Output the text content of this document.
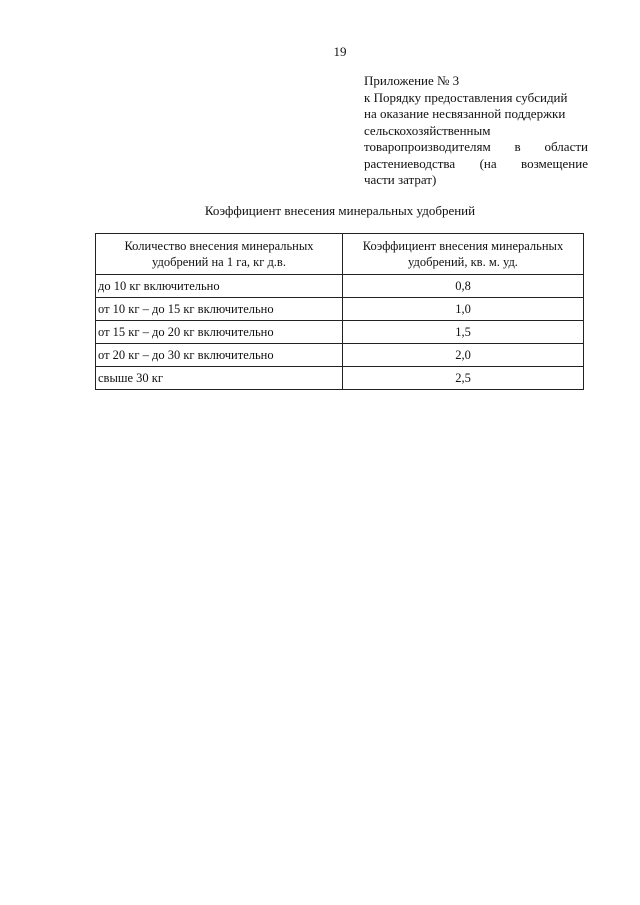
19
Приложение № 3
к Порядку предоставления субсидий
на оказание несвязанной поддержки
сельскохозяйственным
товаропроизводителям в области
растениеводства (на возмещение
части затрат)
Коэффициент внесения минеральных удобрений
Количество внесения минеральных удобрений на 1 га, кг д.в.	Коэффициент внесения минеральных удобрений, кв. м. уд.
до 10 кг включительно	0,8
от 10 кг – до 15 кг включительно	1,0
от 15 кг – до 20 кг включительно	1,5
от 20 кг – до 30 кг включительно	2,0
свыше 30 кг	2,5
